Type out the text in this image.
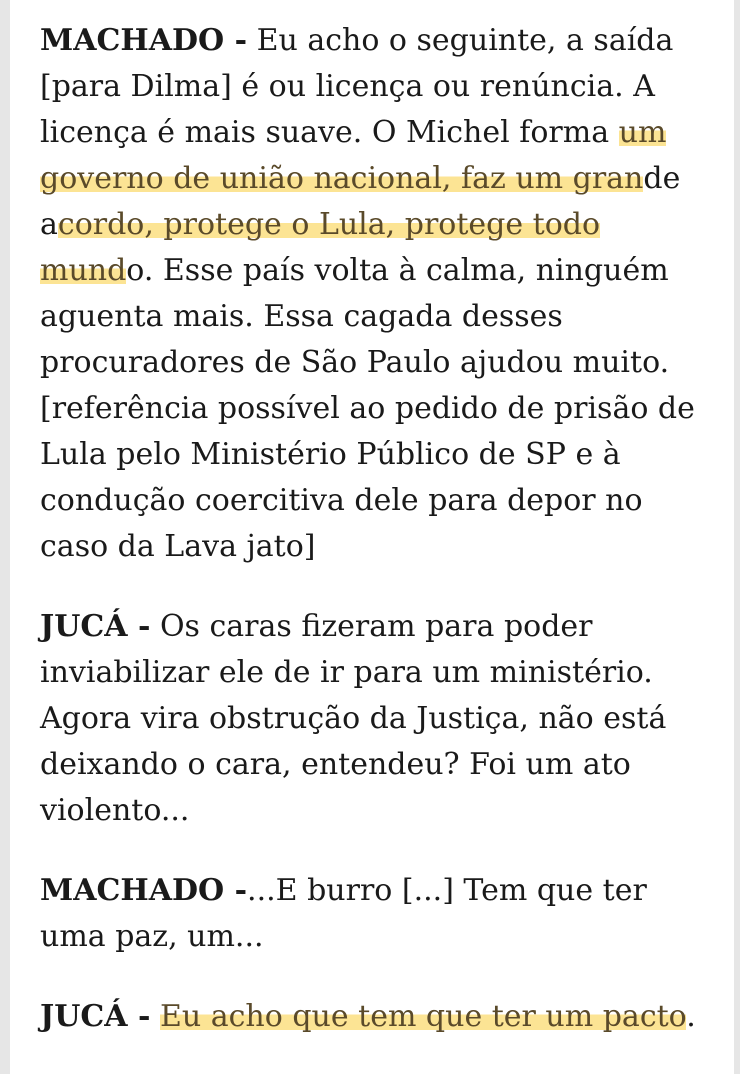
MACHADO - Eu acho o seguinte, a saída [para Dilma] é ou licença ou renúncia. A licença é mais suave. O Michel forma um governo de união nacional, faz um grande acordo, protege o Lula, protege todo mundo. Esse país volta à calma, ninguém aguenta mais. Essa cagada desses procuradores de São Paulo ajudou muito. [referência possível ao pedido de prisão de Lula pelo Ministério Público de SP e à condução coercitiva dele para depor no caso da Lava jato]

JUCÁ - Os caras fizeram para poder inviabilizar ele de ir para um ministério. Agora vira obstrução da Justiça, não está deixando o cara, entendeu? Foi um ato violento...

MACHADO -...E burro [...] Tem que ter uma paz, um...

JUCÁ - Eu acho que tem que ter um pacto.
